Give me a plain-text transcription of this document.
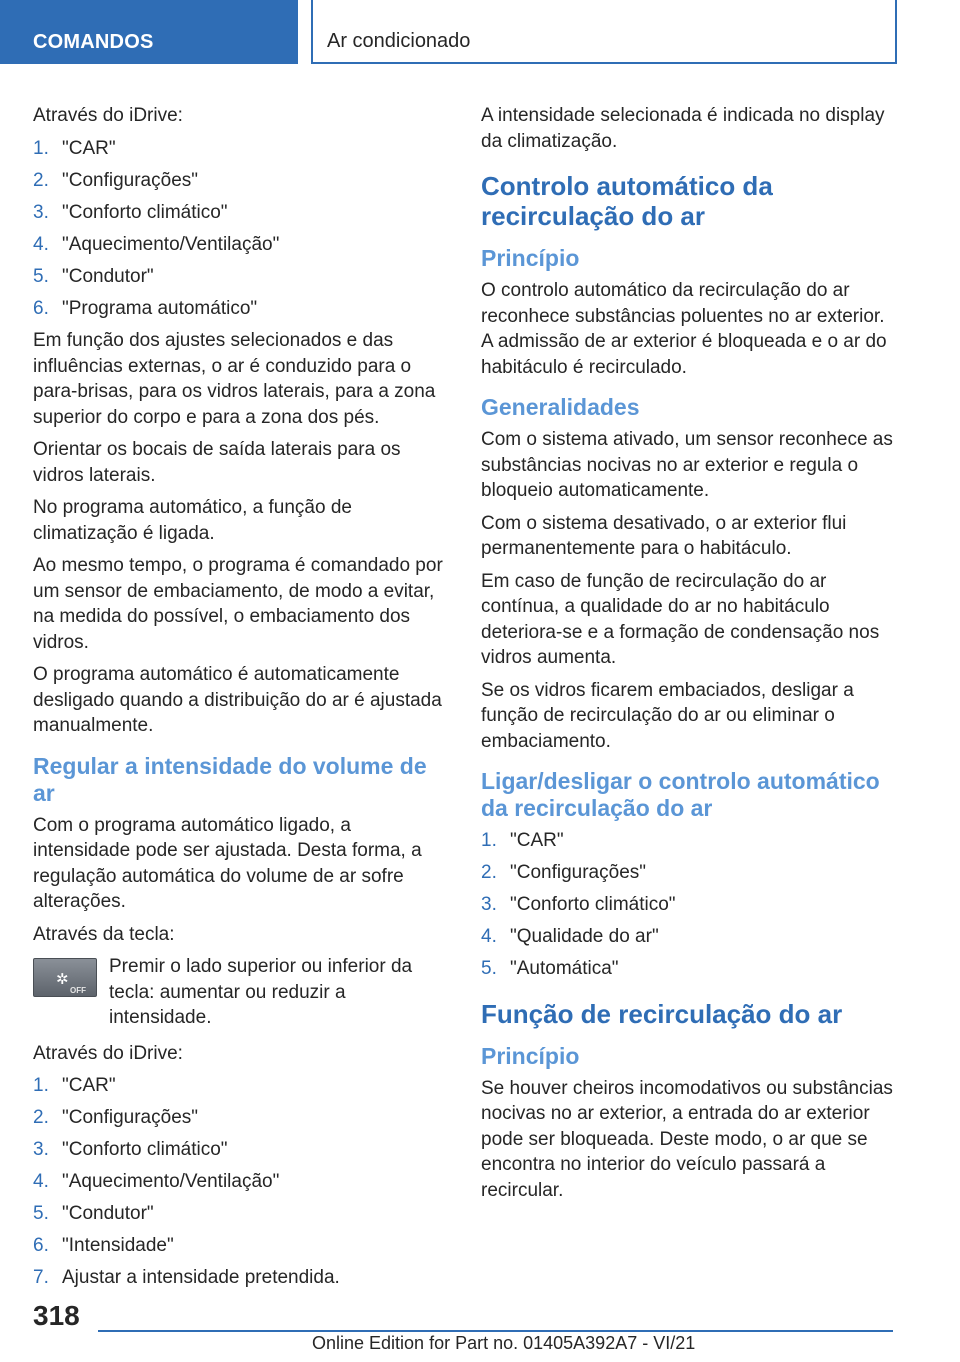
COMANDOS	Ar condicionado

Através do iDrive:

1. "CAR"
2. "Configurações"
3. "Conforto climático"
4. "Aquecimento/Ventilação"
5. "Condutor"
6. "Programa automático"

Em função dos ajustes selecionados e das influências externas, o ar é conduzido para o para-brisas, para os vidros laterais, para a zona superior do corpo e para a zona dos pés.

Orientar os bocais de saída laterais para os vidros laterais.

No programa automático, a função de climatização é ligada.

Ao mesmo tempo, o programa é comandado por um sensor de embaciamento, de modo a evitar, na medida do possível, o embaciamento dos vidros.

O programa automático é automaticamente desligado quando a distribuição do ar é ajustada manualmente.

Regular a intensidade do volume de ar

Com o programa automático ligado, a intensidade pode ser ajustada. Desta forma, a regulação automática do volume de ar sofre alterações.

Através da tecla:

✲
OFF
Premir o lado superior ou inferior da tecla: aumentar ou reduzir a intensidade.

Através do iDrive:

1. "CAR"
2. "Configurações"
3. "Conforto climático"
4. "Aquecimento/Ventilação"
5. "Condutor"
6. "Intensidade"
7. Ajustar a intensidade pretendida.

A intensidade selecionada é indicada no display da climatização.

Controlo automático da recirculação do ar
Princípio

O controlo automático da recirculação do ar reconhece substâncias poluentes no ar exterior. A admissão de ar exterior é bloqueada e o ar do habitáculo é recirculado.

Generalidades

Com o sistema ativado, um sensor reconhece as substâncias nocivas no ar exterior e regula o bloqueio automaticamente.

Com o sistema desativado, o ar exterior flui permanentemente para o habitáculo.

Em caso de função de recirculação do ar contínua, a qualidade do ar no habitáculo deteriora-se e a formação de condensação nos vidros aumenta.

Se os vidros ficarem embaciados, desligar a função de recirculação do ar ou eliminar o embaciamento.

Ligar/desligar o controlo automático da recirculação do ar
1. "CAR"
2. "Configurações"
3. "Conforto climático"
4. "Qualidade do ar"
5. "Automática"
Função de recirculação do ar
Princípio

Se houver cheiros incomodativos ou substâncias nocivas no ar exterior, a entrada do ar exterior pode ser bloqueada. Deste modo, o ar que se encontra no interior do veículo passará a recircular.

318
Online Edition for Part no. 01405A392A7 - VI/21
